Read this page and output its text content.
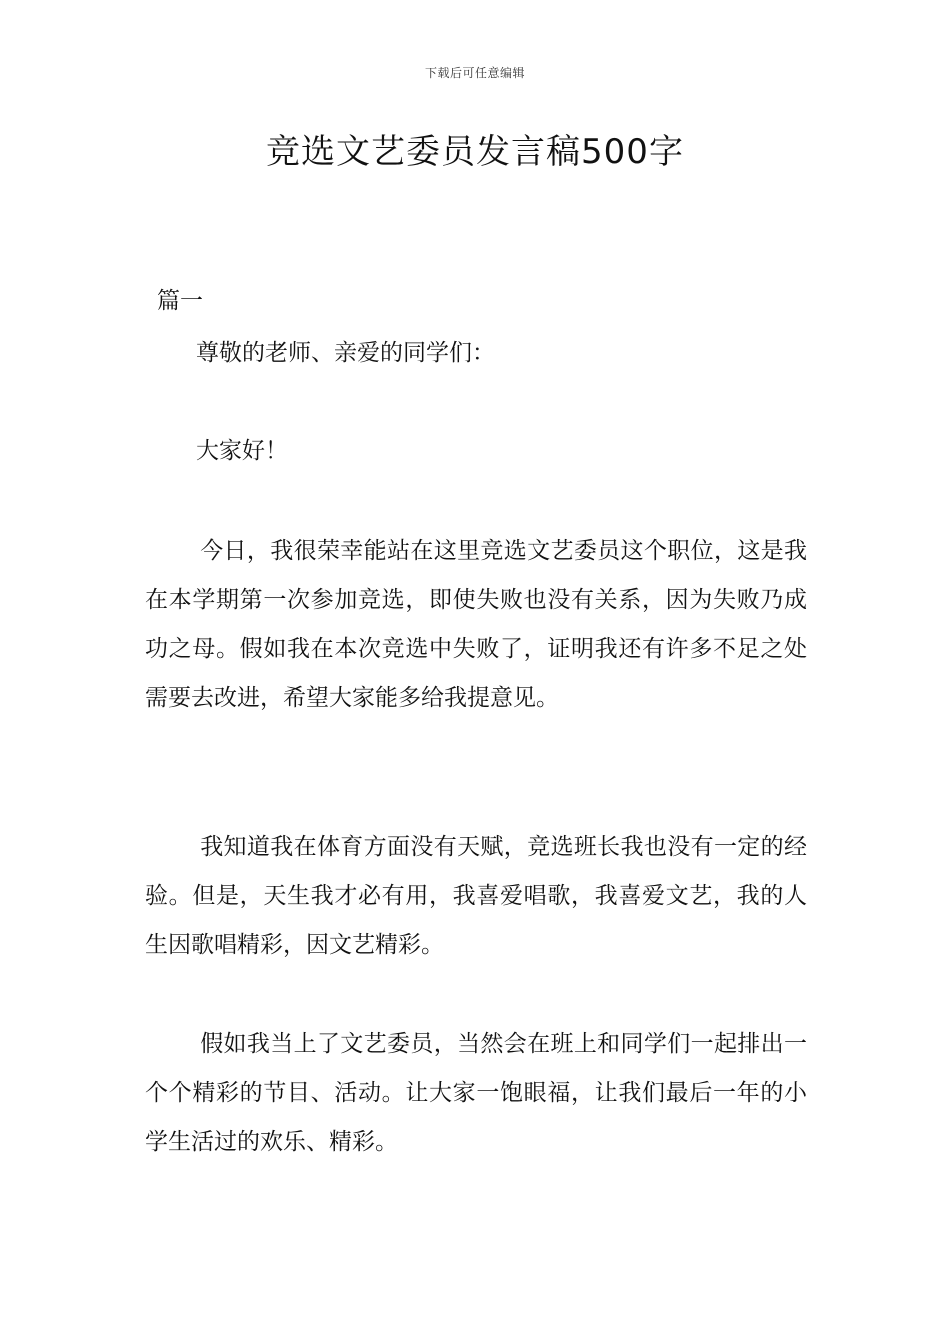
下载后可任意编辑
竞选文艺委员发言稿500字
篇一

尊敬的老师、亲爱的同学们：

大家好！

今日，我很荣幸能站在这里竞选文艺委员这个职位，这是我在本学期第一次参加竞选，即使失败也没有关系，因为失败乃成功之母。假如我在本次竞选中失败了，证明我还有许多不足之处需要去改进，希望大家能多给我提意见。

我知道我在体育方面没有天赋，竞选班长我也没有一定的经验。但是，天生我才必有用，我喜爱唱歌，我喜爱文艺，我的人生因歌唱精彩，因文艺精彩。

假如我当上了文艺委员，当然会在班上和同学们一起排出一个个精彩的节目、活动。让大家一饱眼福，让我们最后一年的小学生活过的欢乐、精彩。
